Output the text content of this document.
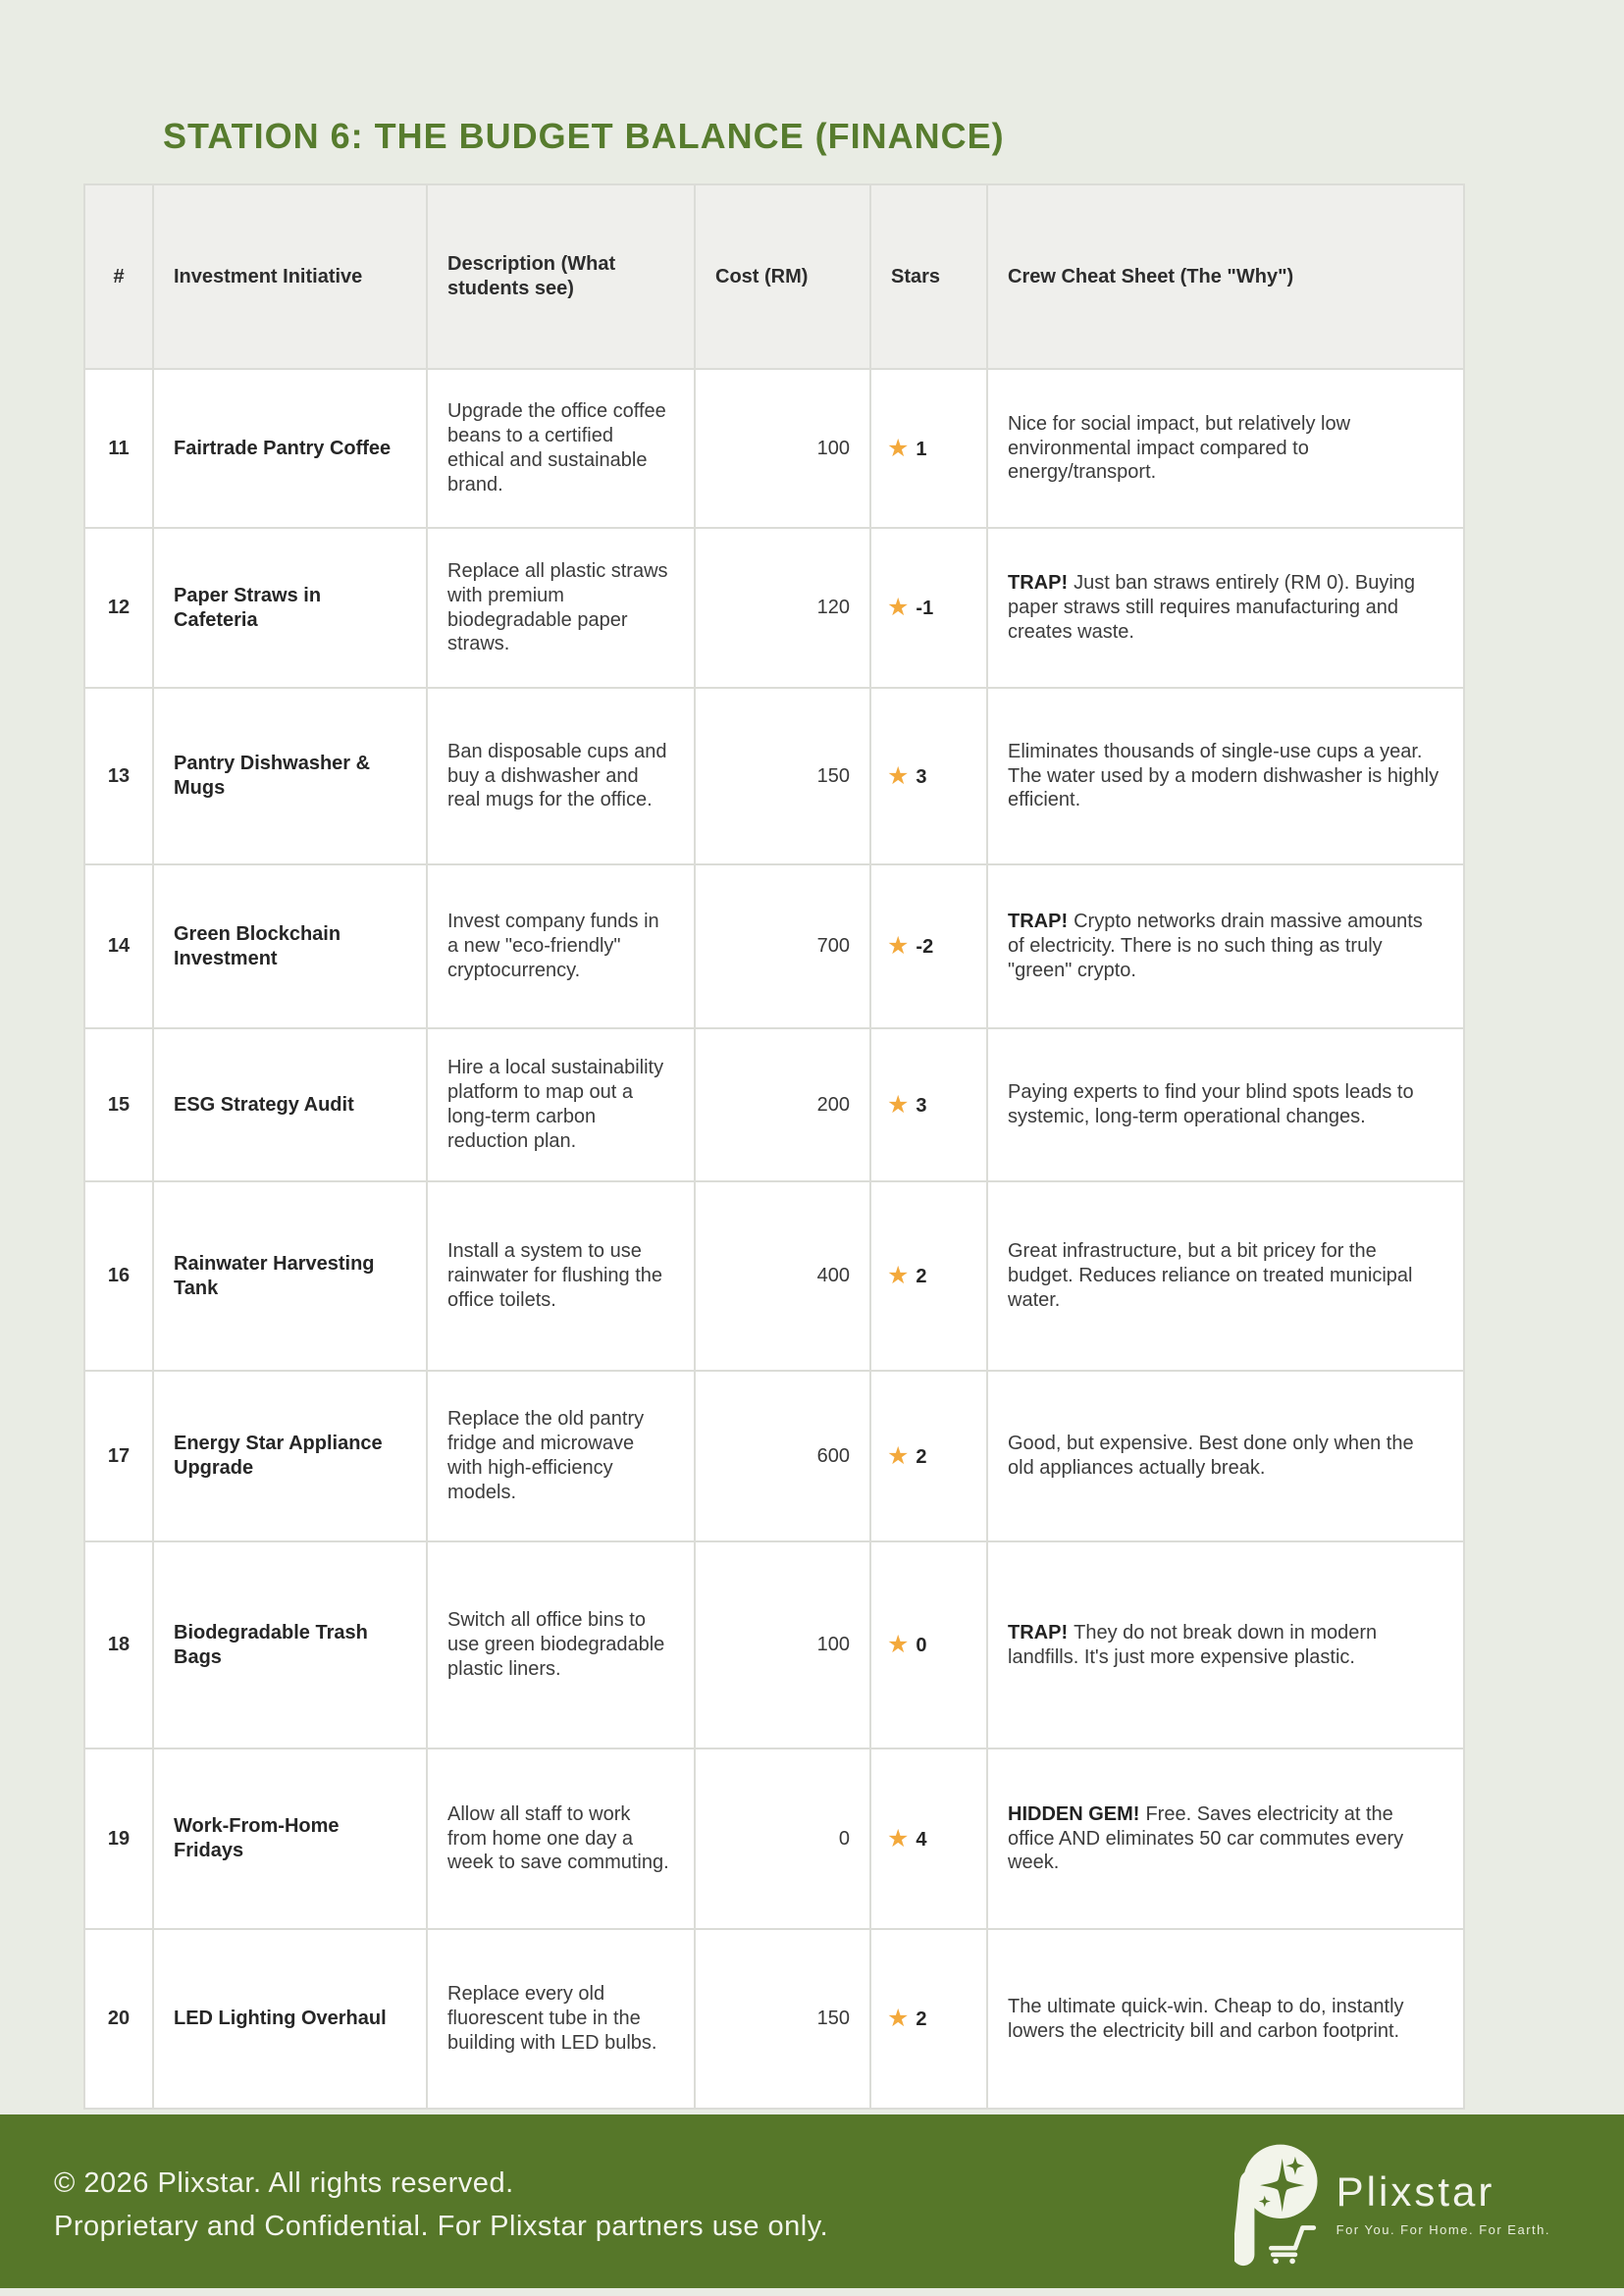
STATION 6: THE BUDGET BALANCE (FINANCE)
#	Investment Initiative	Description (What students see)	Cost (RM)	Stars	Crew Cheat Sheet (The "Why")
11	Fairtrade Pantry Coffee	Upgrade the office coffee beans to a certified ethical and sustainable brand.	100	★ 1	Nice for social impact, but relatively low environmental impact compared to energy/transport.
12	Paper Straws in Cafeteria	Replace all plastic straws with premium biodegradable paper straws.	120	★ -1	TRAP! Just ban straws entirely (RM 0). Buying paper straws still requires manufacturing and creates waste.
13	Pantry Dishwasher & Mugs	Ban disposable cups and buy a dishwasher and real mugs for the office.	150	★ 3	Eliminates thousands of single-use cups a year. The water used by a modern dishwasher is highly efficient.
14	Green Blockchain Investment	Invest company funds in a new "eco-friendly" cryptocurrency.	700	★ -2	TRAP! Crypto networks drain massive amounts of electricity. There is no such thing as truly "green" crypto.
15	ESG Strategy Audit	Hire a local sustainability platform to map out a long-term carbon reduction plan.	200	★ 3	Paying experts to find your blind spots leads to systemic, long-term operational changes.
16	Rainwater Harvesting Tank	Install a system to use rainwater for flushing the office toilets.	400	★ 2	Great infrastructure, but a bit pricey for the budget. Reduces reliance on treated municipal water.
17	Energy Star Appliance Upgrade	Replace the old pantry fridge and microwave with high-efficiency models.	600	★ 2	Good, but expensive. Best done only when the old appliances actually break.
18	Biodegradable Trash Bags	Switch all office bins to use green biodegradable plastic liners.	100	★ 0	TRAP! They do not break down in modern landfills. It's just more expensive plastic.
19	Work-From-Home Fridays	Allow all staff to work from home one day a week to save commuting.	0	★ 4	HIDDEN GEM! Free. Saves electricity at the office AND eliminates 50 car commutes every week.
20	LED Lighting Overhaul	Replace every old fluorescent tube in the building with LED bulbs.	150	★ 2	The ultimate quick-win. Cheap to do, instantly lowers the electricity bill and carbon footprint.
© 2026 Plixstar. All rights reserved.
Proprietary and Confidential. For Plixstar partners use only.
Plixstar
For You. For Home. For Earth.
